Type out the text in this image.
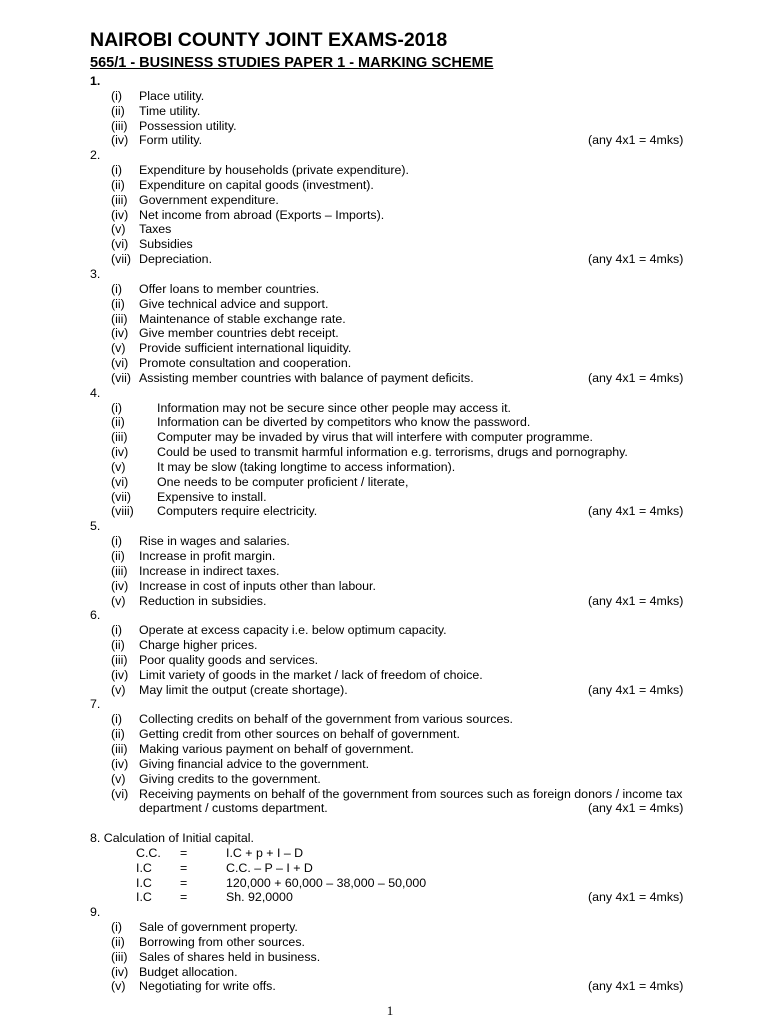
NAIROBI COUNTY JOINT EXAMS-2018
565/1 - BUSINESS STUDIES PAPER 1 - MARKING SCHEME
1.
(i) Place utility.
(ii) Time utility.
(iii) Possession utility.
(iv) Form utility.	(any 4x1 = 4mks)
2.
(i) Expenditure by households (private expenditure).
(ii) Expenditure on capital goods (investment).
(iii) Government expenditure.
(iv) Net income from abroad (Exports – Imports).
(v) Taxes
(vi) Subsidies
(vii) Depreciation.	(any 4x1 = 4mks)
3.
(i) Offer loans to member countries.
(ii) Give technical advice and support.
(iii) Maintenance of stable exchange rate.
(iv) Give member countries debt receipt.
(v) Provide sufficient international liquidity.
(vi) Promote consultation and cooperation.
(vii) Assisting member countries with balance of payment deficits.	(any 4x1 = 4mks)
4.
(i)	Information may not be secure since other people may access it.
(ii)	Information can be diverted by competitors who know the password.
(iii) Computer may be invaded by virus that will interfere with computer programme.
(iv) Could be used to transmit harmful information e.g. terrorisms, drugs and pornography.
(v)	It may be slow (taking longtime to access information).
(vi) One needs to be computer proficient / literate,
(vii) Expensive to install.
(viii) Computers require electricity.	(any 4x1 = 4mks)
5.
(i) Rise in wages and salaries.
(ii) Increase in profit margin.
(iii) Increase in indirect taxes.
(iv) Increase in cost of inputs other than labour.
(v) Reduction in subsidies.	(any 4x1 = 4mks)
6.
(i) Operate at excess capacity i.e. below optimum capacity.
(ii) Charge higher prices.
(iii) Poor quality goods and services.
(iv) Limit variety of goods in the market / lack of freedom of choice.
(v) May limit the output (create shortage).	(any 4x1 = 4mks)
7.
(i) Collecting credits on behalf of the government from various sources.
(ii) Getting credit from other sources on behalf of government.
(iii) Making various payment on behalf of government.
(iv) Giving financial advice to the government.
(v) Giving credits to the government.
(vi) Receiving payments on behalf of the government from sources such as foreign donors / income tax
department / customs department.	(any 4x1 = 4mks)
8. Calculation of Initial capital.
C.C. =	I.C + p + I – D
I.C =	C.C. – P – I + D
I.C =	120,000 + 60,000 – 38,000 – 50,000
I.C =	Sh. 92,0000	(any 4x1 = 4mks)
9.
(i) Sale of government property.
(ii) Borrowing from other sources.
(iii) Sales of shares held in business.
(iv) Budget allocation.
(v) Negotiating for write offs.	(any 4x1 = 4mks)
1
